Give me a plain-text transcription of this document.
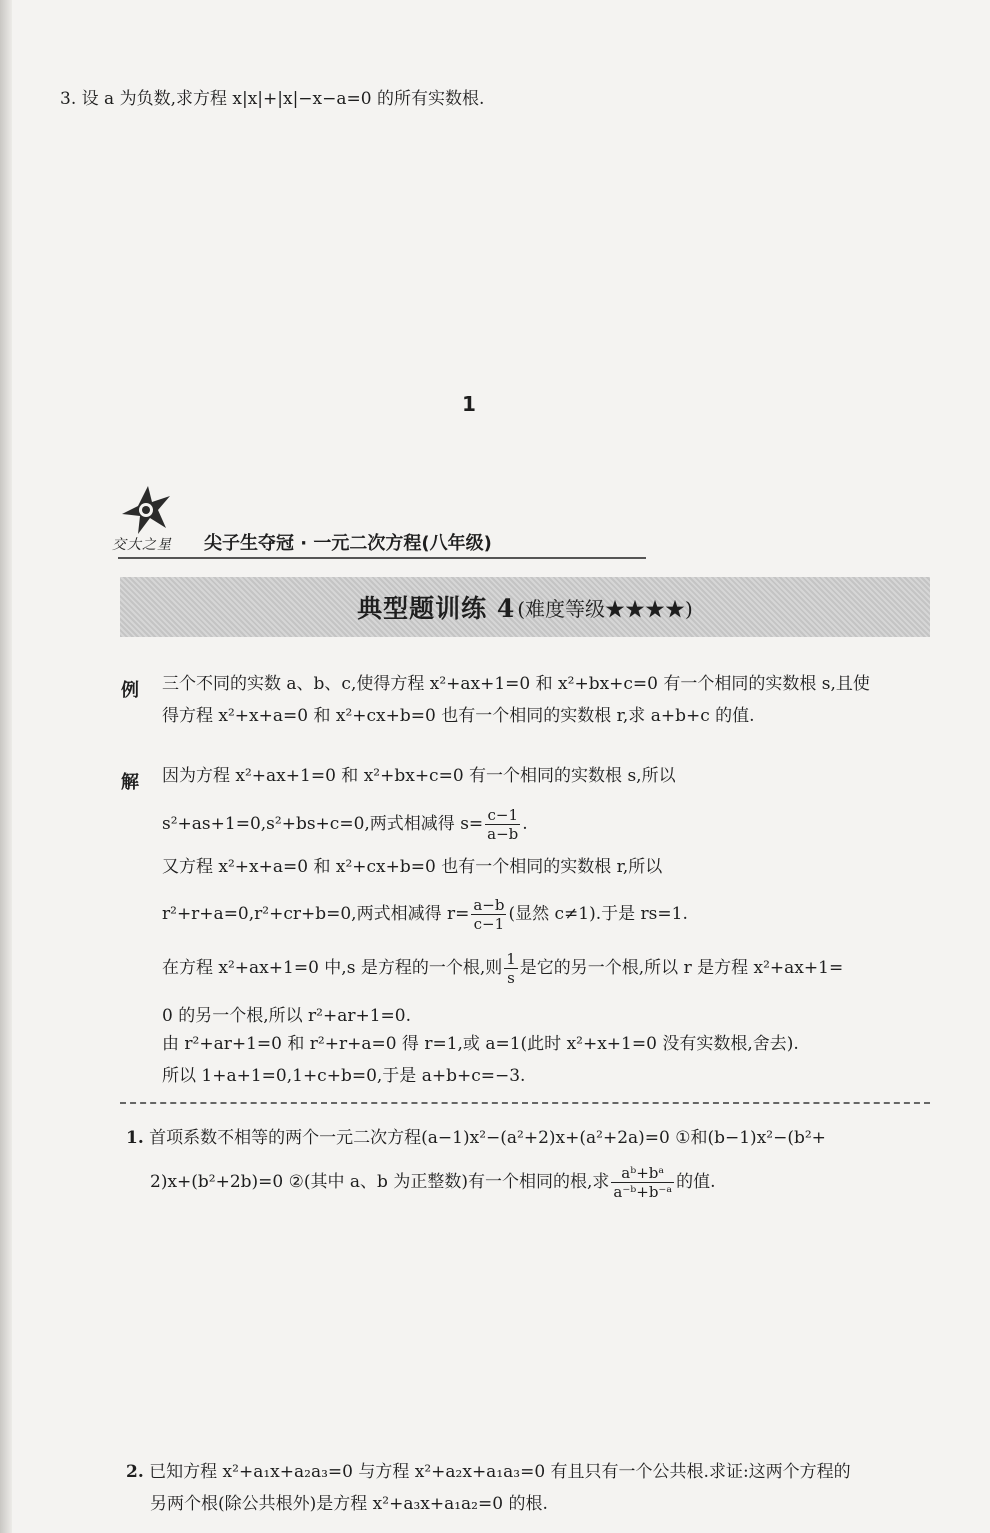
3. 设 a 为负数,求方程 x|x|+|x|−x−a=0 的所有实数根.
1
交大之星 尖子生夺冠 · 一元二次方程(八年级)
典型题训练 4 (难度等级★★★★)
例 三个不同的实数 a、b、c,使得方程 x²+ax+1=0 和 x²+bx+c=0 有一个相同的实数根 s,且使
得方程 x²+x+a=0 和 x²+cx+b=0 也有一个相同的实数根 r,求 a+b+c 的值.
解 因为方程 x²+ax+1=0 和 x²+bx+c=0 有一个相同的实数根 s,所以
s²+as+1=0,s²+bs+c=0,两式相减得 $s= \frac{c-1}{a-b}$ .
又方程 x²+x+a=0 和 x²+cx+b=0 也有一个相同的实数根 r,所以
r²+r+a=0,r²+cr+b=0,两式相减得 $r= \frac{a-b}{c-1}$ (显然 c≠1).于是 rs=1.
在方程 x²+ax+1=0 中,s 是方程的一个根,则 $\frac{1}{s}$ 是它的另一个根,所以 r 是方程 x²+ax+1=
0 的另一个根,所以 r²+ar+1=0.
由 r²+ar+1=0 和 r²+r+a=0 得 r=1,或 a=1(此时 x²+x+1=0 没有实数根,舍去).
所以 1+a+1=0,1+c+b=0,于是 a+b+c=−3.
1. 首项系数不相等的两个一元二次方程(a−1)x²−(a²+2)x+(a²+2a)=0 ①和(b−1)x²−(b²+
2)x+(b²+2b)=0 ②(其中 a、b 为正整数)有一个相同的根,求 $\frac{\text{aᵇ+bᵃ}}{\text{a⁻ᵇ+b⁻ᵃ}}$ 的值.
2. 已知方程 x²+a₁x+a₂a₃=0 与方程 x²+a₂x+a₁a₃=0 有且只有一个公共根.求证:这两个方程的
另两个根(除公共根外)是方程 x²+a₃x+a₁a₂=0 的根.
